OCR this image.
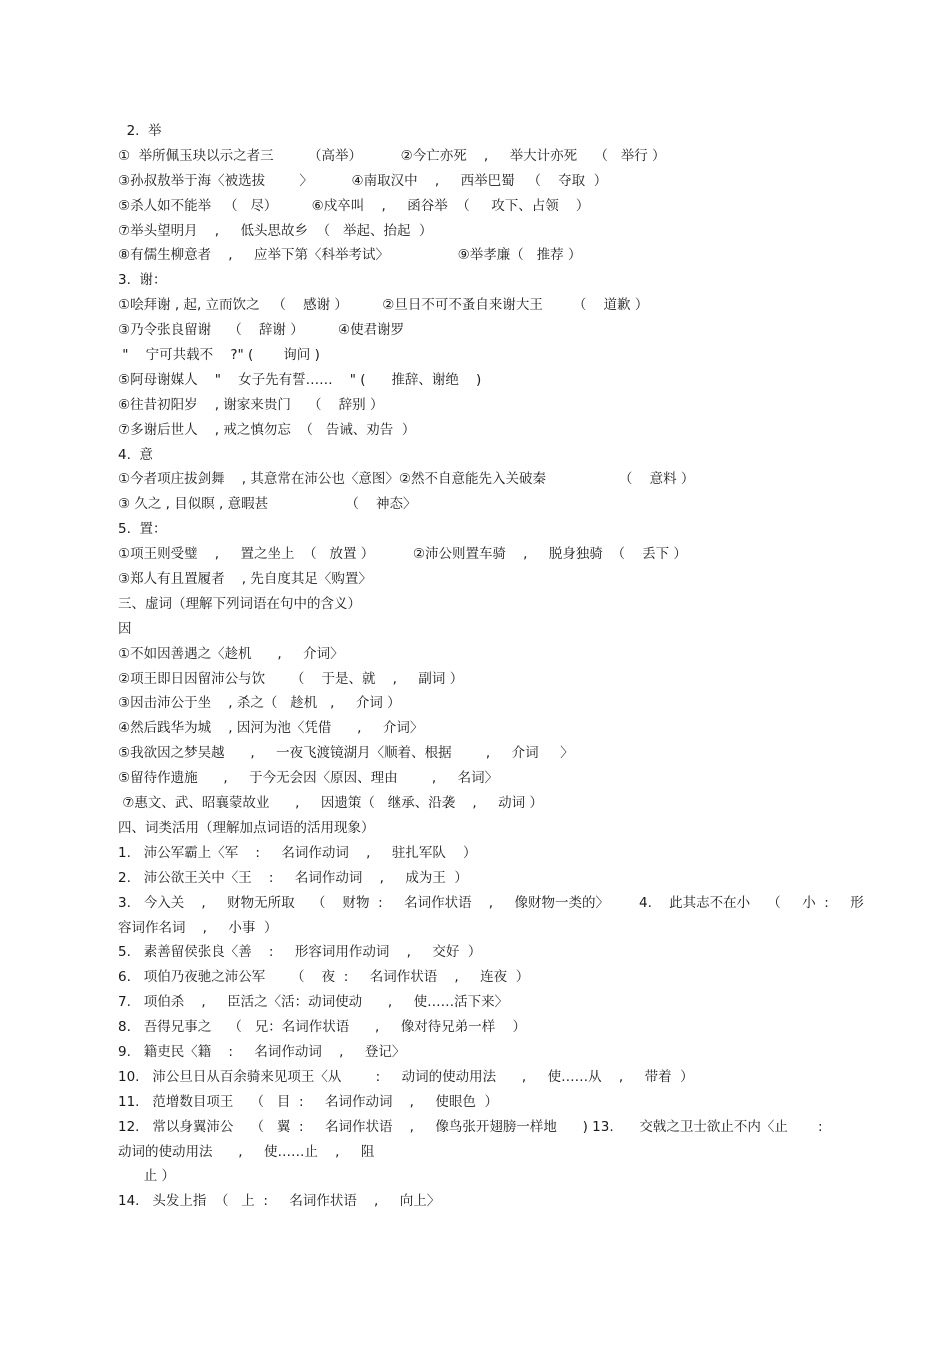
2.  举
①  举所佩玉玦以示之者三        （高举）         ②今亡亦死    ,     举大计亦死    （   举行 ）
③孙叔敖举于海〈被选拔        〉         ④南取汉中    ,     西举巴蜀   （    夺取  ）
⑤杀人如不能举   （   尽）        ⑥戍卒叫    ,     函谷举  （     攻下、占领    ）
⑦举头望明月    ,     低头思故乡  （   举起、抬起  ）
⑧有儒生柳意者    ,     应举下第〈科举考试〉                ⑨举孝廉（   推荐 ）
3.  谢：
①哙拜谢 , 起, 立而饮之   （    感谢 ）        ②旦日不可不蚤自来谢大王       （    道歉 ）
③乃令张良留谢    （    辞谢 ）        ④使君谢罗
"    宁可共载不    ?" (       询问 )
⑤阿母谢媒人    "    女子先有誓……    " (      推辞、谢绝    )
⑥往昔初阳岁    , 谢家来贵门    （    辞别 ）
⑦多谢后世人    , 戒之慎勿忘  （   告诫、劝告  ）
4.  意
①今者项庄拔剑舞    , 其意常在沛公也〈意图〉②然不自意能先入关破秦                 （    意料 ）
③ 久之 , 目似瞑 , 意暇甚                  （    神态〉
5.  置：
①项王则受璧    ,     置之坐上  （   放置 ）         ②沛公则置车骑    ,     脱身独骑  （    丢下 ）
③郑人有且置履者    , 先自度其足〈购置〉
三、虚词（理解下列词语在句中的含义）
因
①不如因善遇之〈趁机      ,     介词〉
②项王即日因留沛公与饮      （    于是、就    ,     副词 ）
③因击沛公于坐    , 杀之（   趁机   ,     介词 ）
④然后践华为城    , 因河为池〈凭借      ,     介词〉
⑤我欲因之梦吴越      ,     一夜飞渡镜湖月〈顺着、根据        ,     介词     〉
⑤留待作遗施      ,     于今无会因〈原因、理由        ,     名词〉
⑦惠文、武、昭襄蒙故业      ,     因遗策（   继承、沿袭    ,     动词 ）
四、词类活用（理解加点词语的活用现象）
1.   沛公军霸上〈军    :     名词作动词    ,     驻扎军队    ）
2.   沛公欲王关中〈王    :     名词作动词    ,     成为王  ）
3.   今入关    ,     财物无所取    （    财物  :     名词作状语    ,     像财物一类的〉       4.    此其志不在小    （     小  :     形
容词作名词    ,     小事  ）
5.   素善留侯张良〈善    :     形容词用作动词    ,     交好  ）
6.   项伯乃夜驰之沛公军      （    夜  :     名词作状语    ,     连夜  ）
7.   项伯杀    ,     臣活之〈活：动词使动      ,     使……活下来〉
8.   吾得兄事之    （   兄：名词作状语      ,     像对待兄弟一样    ）
9.   籍吏民〈籍    :     名词作动词    ,     登记〉
10.   沛公旦日从百余骑来见项王〈从        :     动词的使动用法      ,     使……从    ,     带着  ）
11.   范增数目项王    （   目  :     名词作动词    ,     使眼色  ）
12.   常以身翼沛公    （   翼  :     名词作状语    ,     像鸟张开翅膀一样地      ) 13.      交戟之卫士欲止不内〈止       :
动词的使动用法      ,     使……止    ,     阻
止 ）
14.   头发上指  （   上  :     名词作状语    ,     向上〉
